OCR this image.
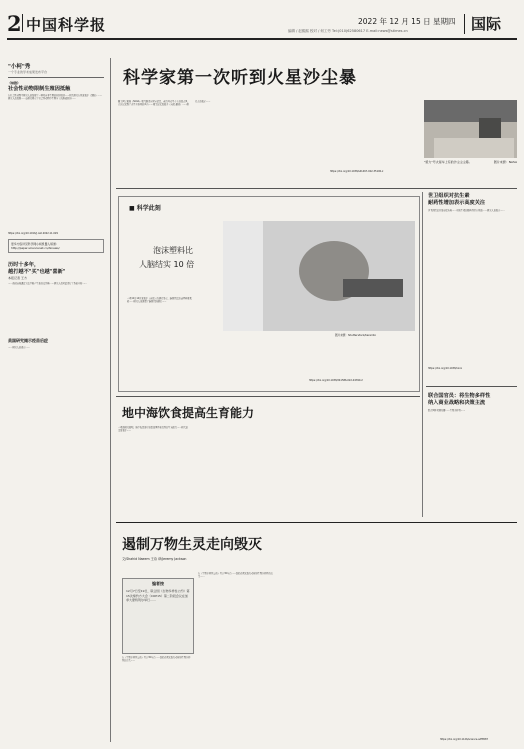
2 中国科学报	2022 年 12 月 15 日 星期四
编辑 / 赵熙熙 校对 / 何工劳 Tel:(010)62580617 E-mail:news@stimes.cn	国际
"小柯"秀
一个专业的学术成果发布平台
《细胞》
社会性动物限制生殖因抵触
在社会性动物中研究人员发现了一种对自身生殖的控制机制……相关研究在线发表于《细胞》……研究人员发现……该研究揭示了社会性动物中生殖分工的形成机制……
https://doi.org/10.1016/j.cell.2022.11.029
更多内容详见科学网小柯机器人频道：
http://paper.sciencenet.cn/AInews/
历时十多年，
越打越不"买"也越"喜新"
本报记者 王方
……新冠病毒通过突变不断产生新的变异株……研究人员对此进行了系统分析……
美国研究揭示疫苗后症
……研究人员表示……
科学家第一次听到火星沙尘暴
据美国宇航局（NASA）喷气推进实验室消息，毅力号火星车上的麦克风首次记录到了火星尘卷风的声音……相关论文发表于《自然-通讯》……研究人员表示……
https://doi.org/10.1038/s41467-022-35100-z
"毅力"号火星车上有的沙尘尘尘暴。	图片来源：NASA
■ 科学此刻
泡沫塑料比
人脑结实 10 倍
图片来源：Shutterstock/kerardio
一项12月14日发表于《自然》的研究显示，脑组织比泡沫塑料更柔软……研究人员测量了脑组织的硬度……
https://doi.org/10.1038/d41586-022-04390-2
世卫组织对抗生素
耐药性增加表示高度关注
世卫组织近日发布报告称……对抗生素的耐药性正在增加……研究人员表示……
https://doi.org/10.1038/xxxx
联合国官员：将生物多样性
纳入商业战略和决策主流
联合国环境规划署……生物多样性……
地中海饮食提高生育能力
一项新研究表明，地中海饮食可以提高男性和女性的生育能力……相关论文发表于……
遏制万物生灵走向毁灭
文/Shahid Naeem 王诗 译/Jeremy Jackson
编者按
12月7日至19日，联合国《生物多样性公约》第15次缔约方大会（COP15）第二阶段会议在加拿大蒙特利尔举行……
在《生物多样性公约》签订30年后……我们必须采取行动遏制生物多样性的丧失……
在《生物多样性公约》签订30年后……我们必须采取行动遏制生物多样性的丧失……
https://doi.org/10.1126/science.adf8587
